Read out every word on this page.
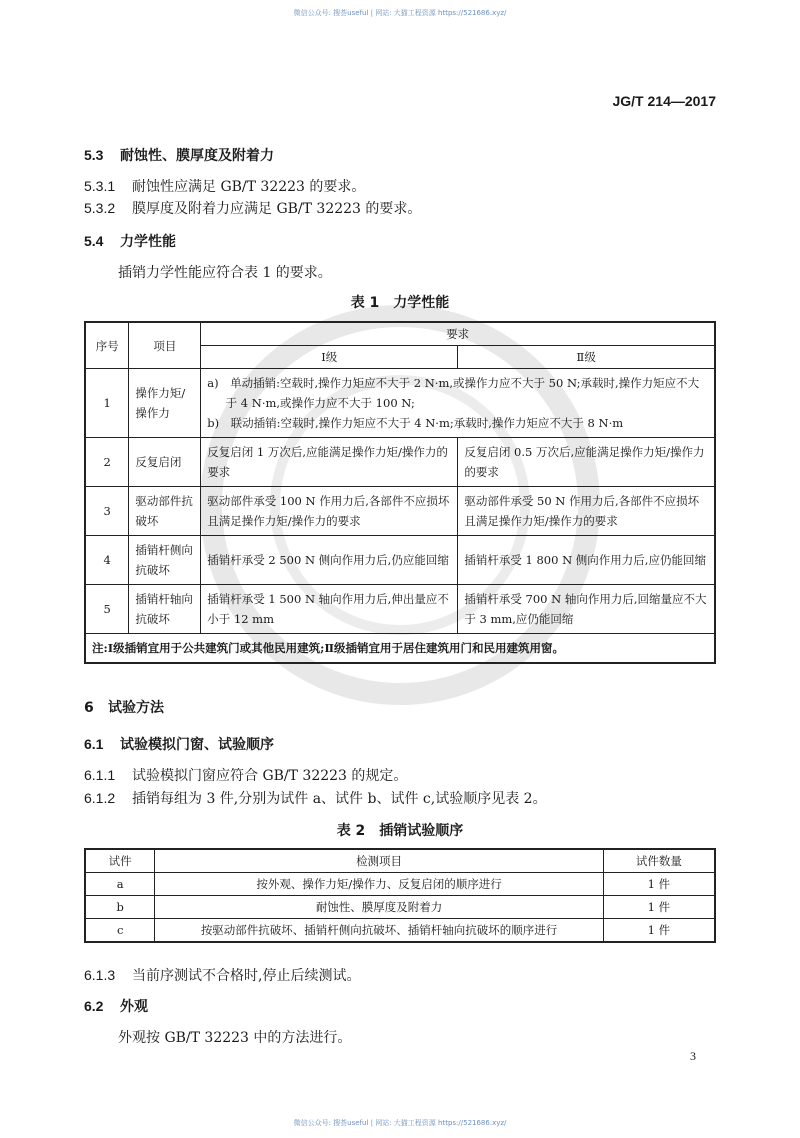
微信公众号: 搜荟useful | 网站: 大猫工程资源 https://521686.xyz/
JG/T 214—2017
5.3 耐蚀性、膜厚度及附着力
5.3.1 耐蚀性应满足 GB/T 32223 的要求。
5.3.2 膜厚度及附着力应满足 GB/T 32223 的要求。
5.4 力学性能
插销力学性能应符合表 1 的要求。
表 1　力学性能
序号	项目	要求	
		Ⅰ级	Ⅱ级
1	操作力矩/操作力	a)　单动插销:空载时,操作力矩应不大于 2 N·m,或操作力应不大于 50 N;承载时,操作力矩应不大于 4 N·m,或操作力应不大于 100 N;
b)　联动插销:空载时,操作力矩应不大于 4 N·m;承载时,操作力矩应不大于 8 N·m	

2	反复启闭	反复启闭 1 万次后,应能满足操作力矩/操作力的要求	反复启闭 0.5 万次后,应能满足操作力矩/操作力的要求
3	驱动部件抗破坏	驱动部件承受 100 N 作用力后,各部件不应损坏且满足操作力矩/操作力的要求	驱动部件承受 50 N 作用力后,各部件不应损坏且满足操作力矩/操作力的要求
4	插销杆侧向抗破坏	插销杆承受 2 500 N 侧向作用力后,仍应能回缩	插销杆承受 1 800 N 侧向作用力后,应仍能回缩
5	插销杆轴向抗破坏	插销杆承受 1 500 N 轴向作用力后,伸出量应不小于 12 mm	插销杆承受 700 N 轴向作用力后,回缩量应不大于 3 mm,应仍能回缩
注:Ⅰ级插销宜用于公共建筑门或其他民用建筑;Ⅱ级插销宜用于居住建筑用门和民用建筑用窗。			
6 试验方法
6.1 试验模拟门窗、试验顺序
6.1.1 试验模拟门窗应符合 GB/T 32223 的规定。
6.1.2 插销每组为 3 件,分别为试件 a、试件 b、试件 c,试验顺序见表 2。
表 2　插销试验顺序
试件	检测项目	试件数量
a	按外观、操作力矩/操作力、反复启闭的顺序进行	1 件
b	耐蚀性、膜厚度及附着力	1 件
c	按驱动部件抗破坏、插销杆侧向抗破坏、插销杆轴向抗破坏的顺序进行	1 件
6.1.3 当前序测试不合格时,停止后续测试。
6.2 外观
外观按 GB/T 32223 中的方法进行。
3
微信公众号: 搜荟useful | 网站: 大猫工程资源 https://521686.xyz/
